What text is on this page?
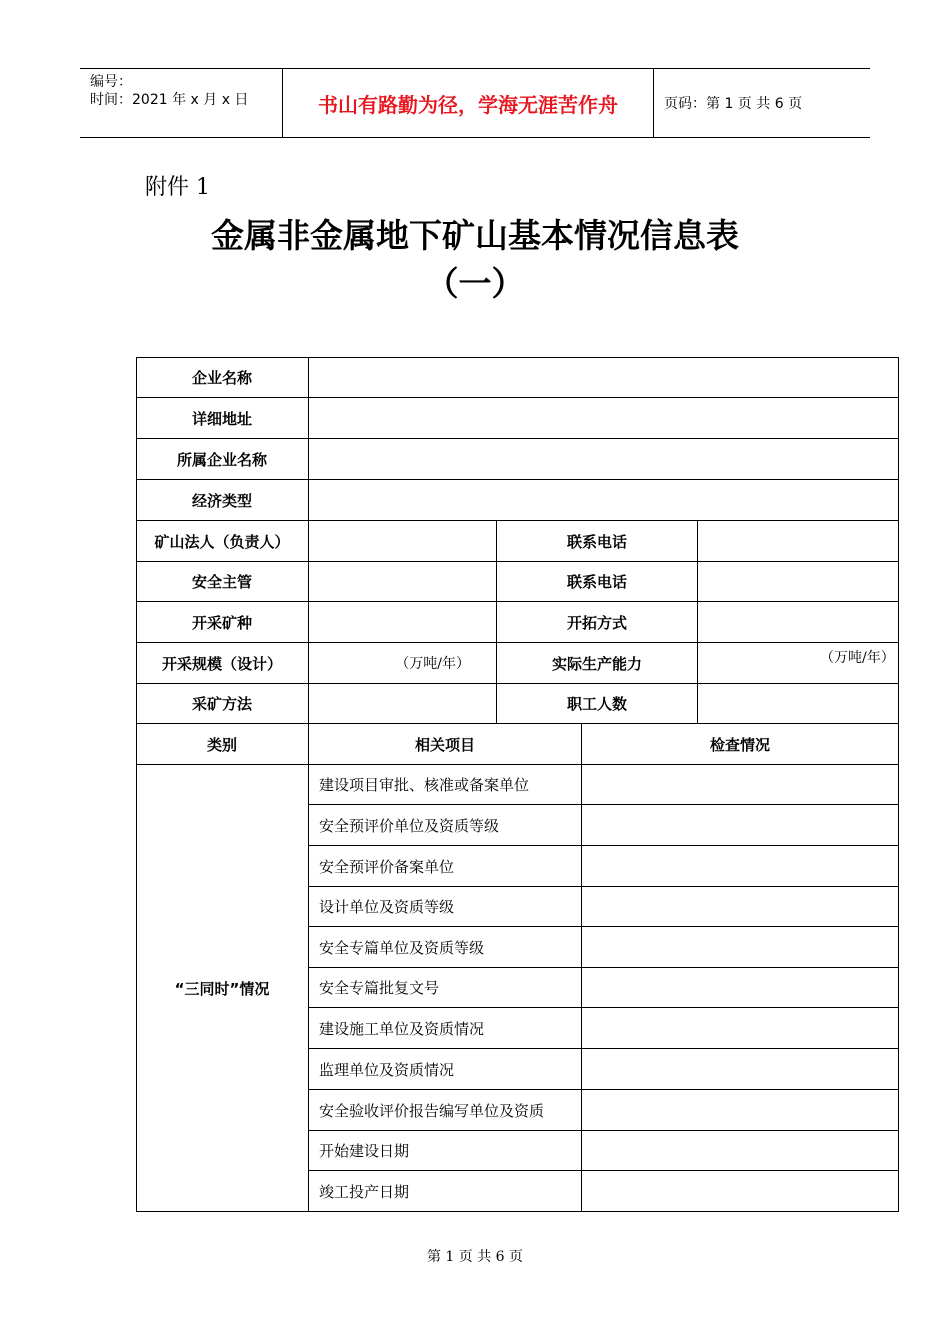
编号：
时间：2021 年 x 月 x 日	书山有路勤为径，学海无涯苦作舟	页码：第 1 页 共 6 页
附件 1
金属非金属地下矿山基本情况信息表
（一）
企业名称
详细地址
所属企业名称
经济类型
矿山法人（负责人）	联系电话
安全主管	联系电话
开采矿种	开拓方式
开采规模（设计）	（万吨/年）	实际生产能力	（万吨/年）
采矿方法	职工人数
类别	相关项目	检查情况
“三同时”情况
建设项目审批、核准或备案单位
安全预评价单位及资质等级
安全预评价备案单位
设计单位及资质等级
安全专篇单位及资质等级
安全专篇批复文号
建设施工单位及资质情况
监理单位及资质情况
安全验收评价报告编写单位及资质
开始建设日期
竣工投产日期
第 1 页 共 6 页
